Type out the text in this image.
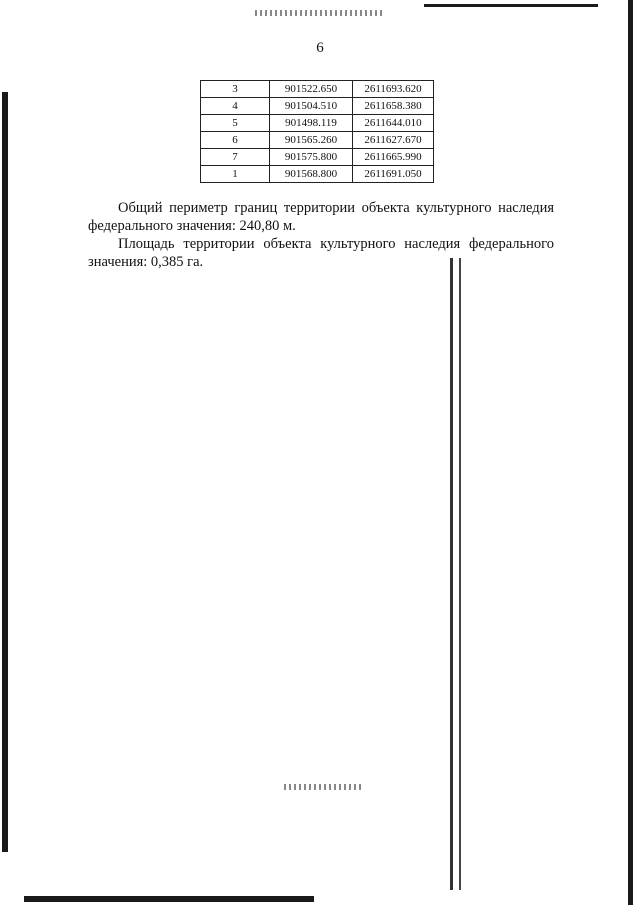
6
3	901522.650	2611693.620
4	901504.510	2611658.380
5	901498.119	2611644.010
6	901565.260	2611627.670
7	901575.800	2611665.990
1	901568.800	2611691.050
Общий периметр границ территории объекта культурного наследия федерального значения: 240,80 м.
Площадь территории объекта культурного наследия федерального значения: 0,385 га.
